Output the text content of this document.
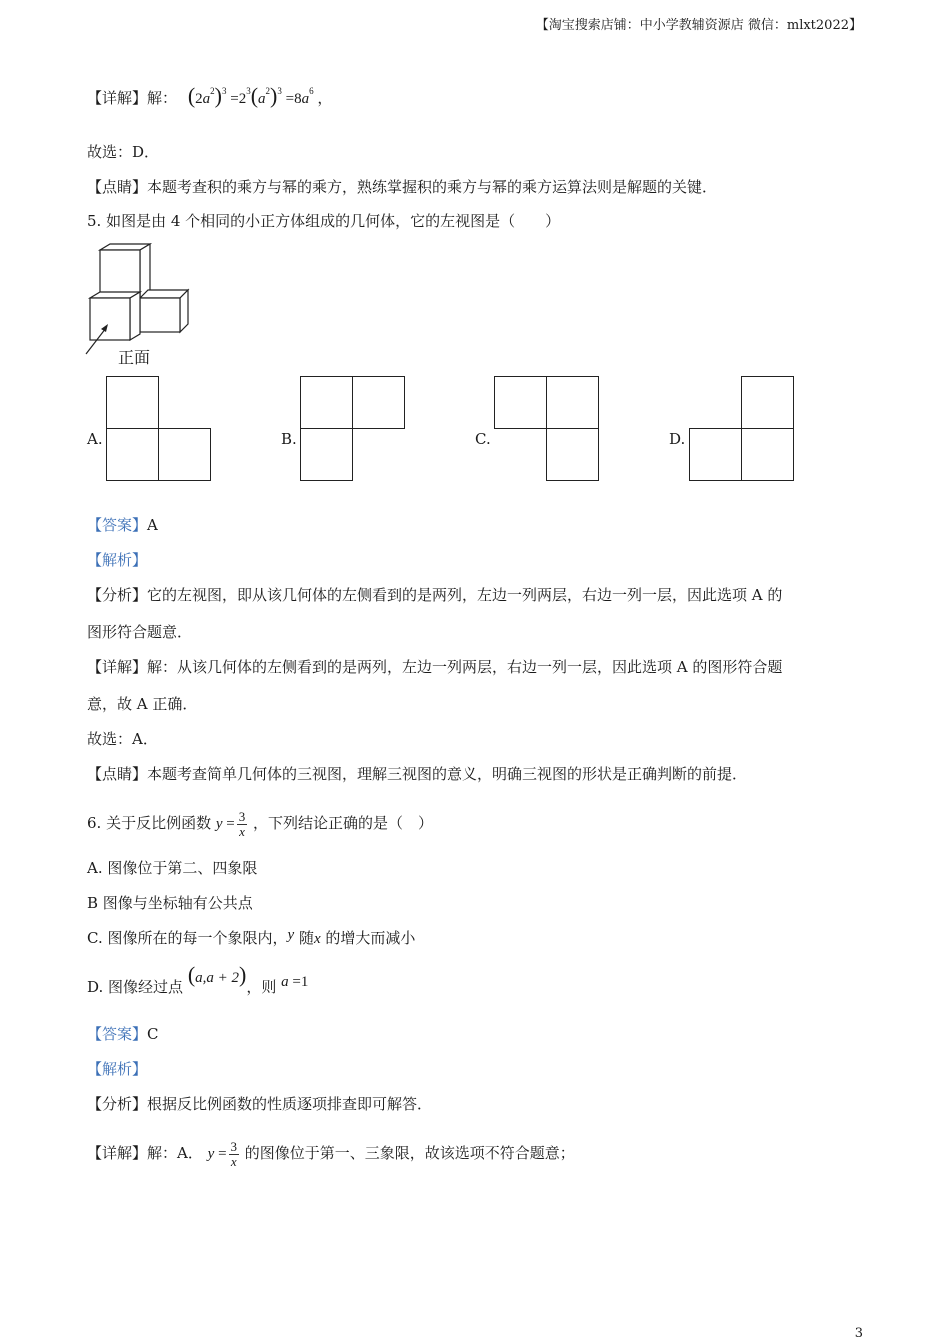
【淘宝搜索店铺：中小学教辅资源店 微信：mlxt2022】
【详解】解： $(2a^2)^3 =2^3(a^2)^3 =8a^6$ ，
故选：D．
【点睛】本题考查积的乘方与幂的乘方，熟练掌握积的乘方与幂的乘方运算法则是解题的关键．
5. 如图是由 4 个相同的小正方体组成的几何体，它的左视图是（　　）
正面
A.	B.	C.	D.
【答案】A
【解析】
【分析】它的左视图，即从该几何体的左侧看到的是两列，左边一列两层，右边一列一层，因此选项 A 的
图形符合题意．
【详解】解：从该几何体的左侧看到的是两列，左边一列两层，右边一列一层，因此选项 A 的图形符合题
意，故 A 正确．
故选：A．
【点睛】本题考查简单几何体的三视图，理解三视图的意义，明确三视图的形状是正确判断的前提．
6. 关于反比例函数 $y = \frac{3}{x}$ ，下列结论正确的是（　）
A. 图像位于第二、四象限
B 图像与坐标轴有公共点
C. 图像所在的每一个象限内，y 随x 的增大而减小
D. 图像经过点 (a,a + 2)，则 a =1
【答案】C
【解析】
【分析】根据反比例函数的性质逐项排查即可解答．
【详解】解：A． $y = \frac{3}{x}$ 的图像位于第一、三象限，故该选项不符合题意；
3
